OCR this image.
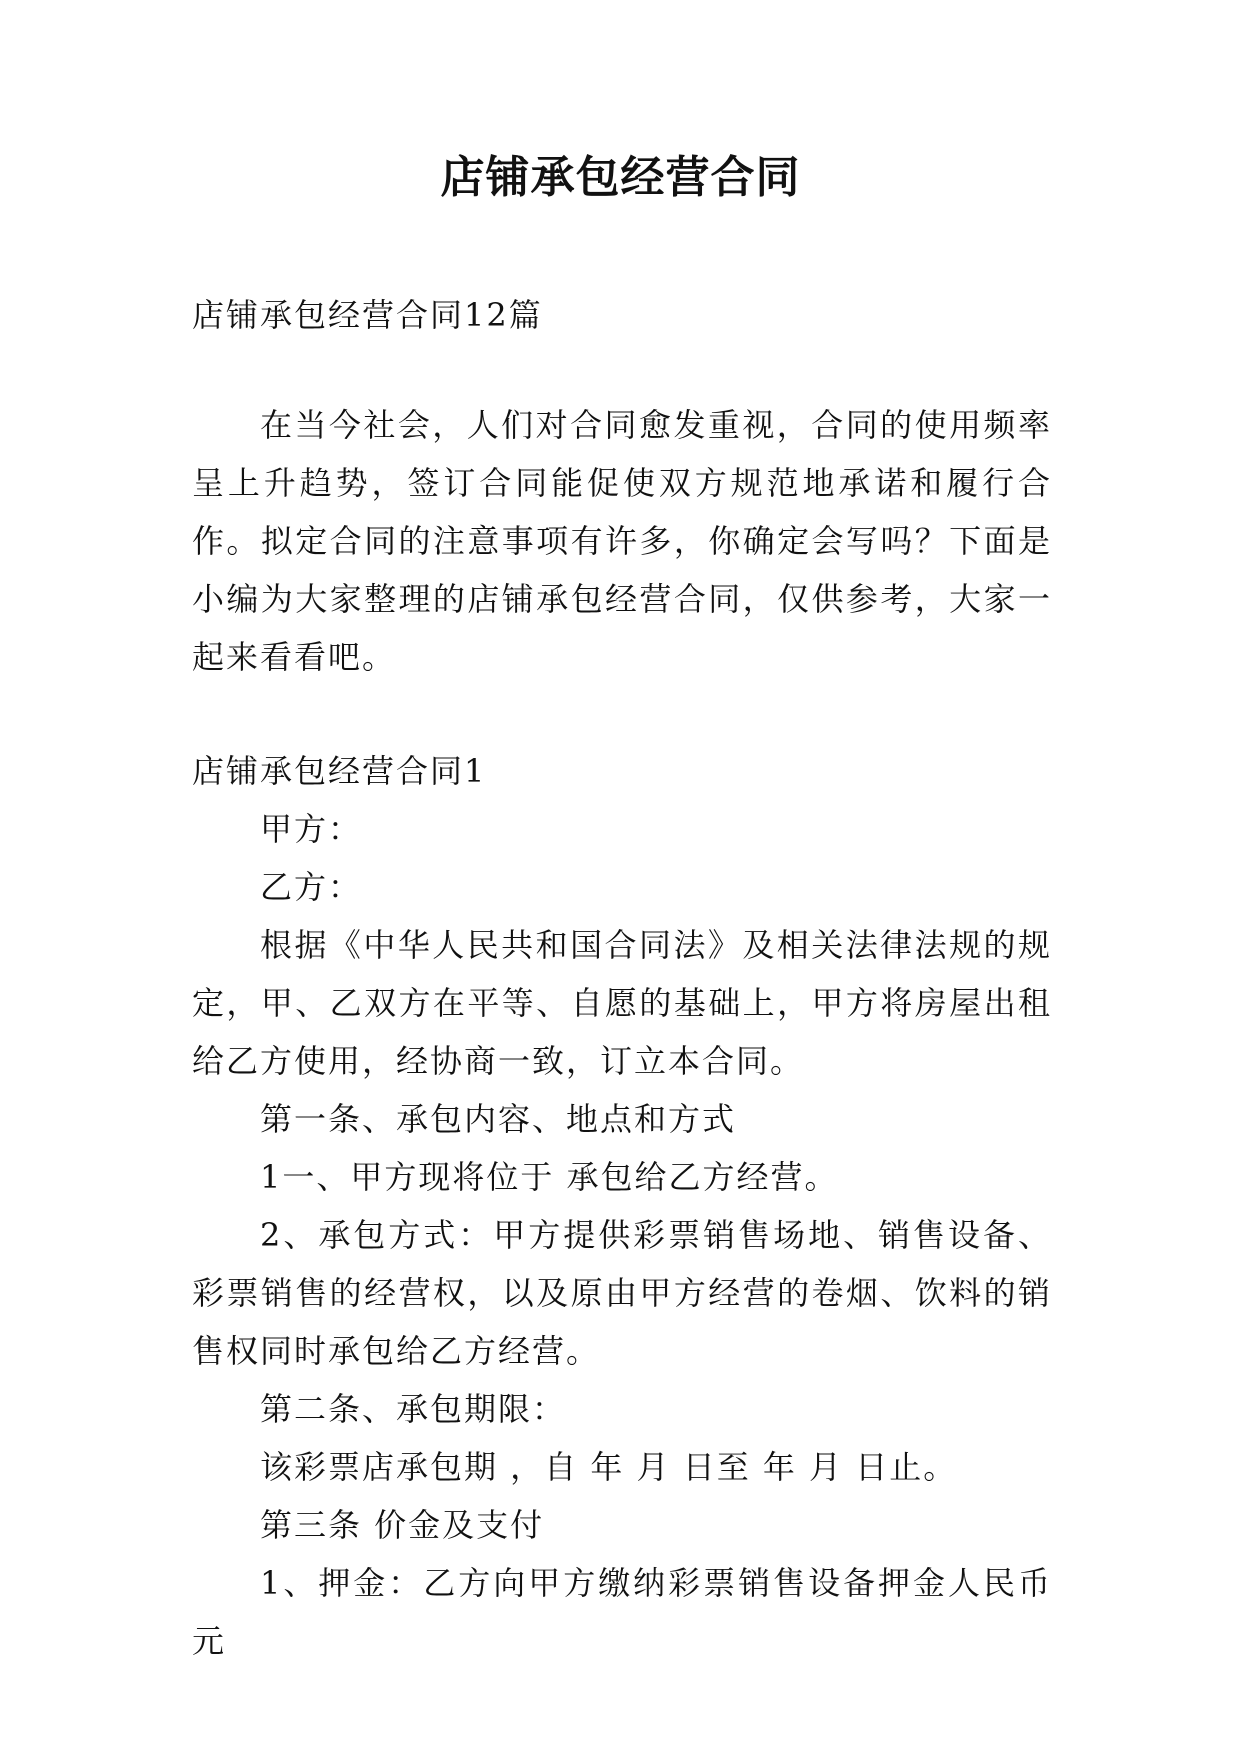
店铺承包经营合同

店铺承包经营合同12篇

在当今社会，人们对合同愈发重视，合同的使用频率呈上升趋势，签订合同能促使双方规范地承诺和履行合作。拟定合同的注意事项有许多，你确定会写吗？下面是小编为大家整理的店铺承包经营合同，仅供参考，大家一起来看看吧。

店铺承包经营合同1

甲方：

乙方：

根据《中华人民共和国合同法》及相关法律法规的规定，甲、乙双方在平等、自愿的基础上，甲方将房屋出租给乙方使用，经协商一致，订立本合同。

第一条、承包内容、地点和方式

1一、甲方现将位于 承包给乙方经营。

2、承包方式：甲方提供彩票销售场地、销售设备、彩票销售的经营权，以及原由甲方经营的卷烟、饮料的销售权同时承包给乙方经营。

第二条、承包期限：

该彩票店承包期 ，自 年 月 日至 年 月 日止。

第三条 价金及支付

1、押金：乙方向甲方缴纳彩票销售设备押金人民币 元
